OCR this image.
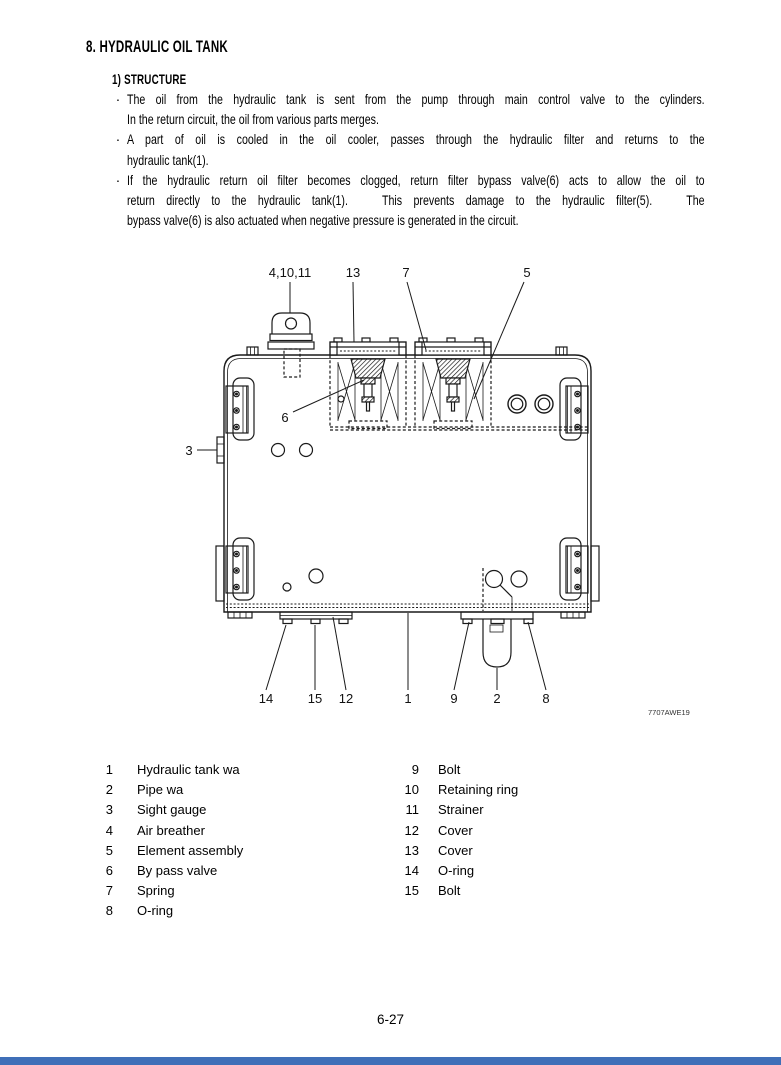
8. HYDRAULIC OIL TANK
1) STRUCTURE
· The oil from the hydraulic tank is sent from the pump through main control valve to the cylinders.
In the return circuit, the oil from various parts merges.
· A part of oil is cooled in the oil cooler, passes through the hydraulic filter and returns to the
hydraulic tank(1).
· If the hydraulic return oil filter becomes clogged, return filter bypass valve(6) acts to allow the oil to
return directly to the hydraulic tank(1).   This prevents damage to the hydraulic filter(5).   The
bypass valve(6) is also actuated when negative pressure is generated in the circuit.
4,10,11	13	7	5
6
3
14	15 12	1	9	2	8
7707AWE19
1 Hydraulic tank wa
2 Pipe wa
3 Sight gauge
4 Air breather
5 Element assembly
6 By pass valve
7 Spring
8 O-ring
9 Bolt
10 Retaining ring
11 Strainer
12 Cover
13 Cover
14 O-ring
15 Bolt
6-27
